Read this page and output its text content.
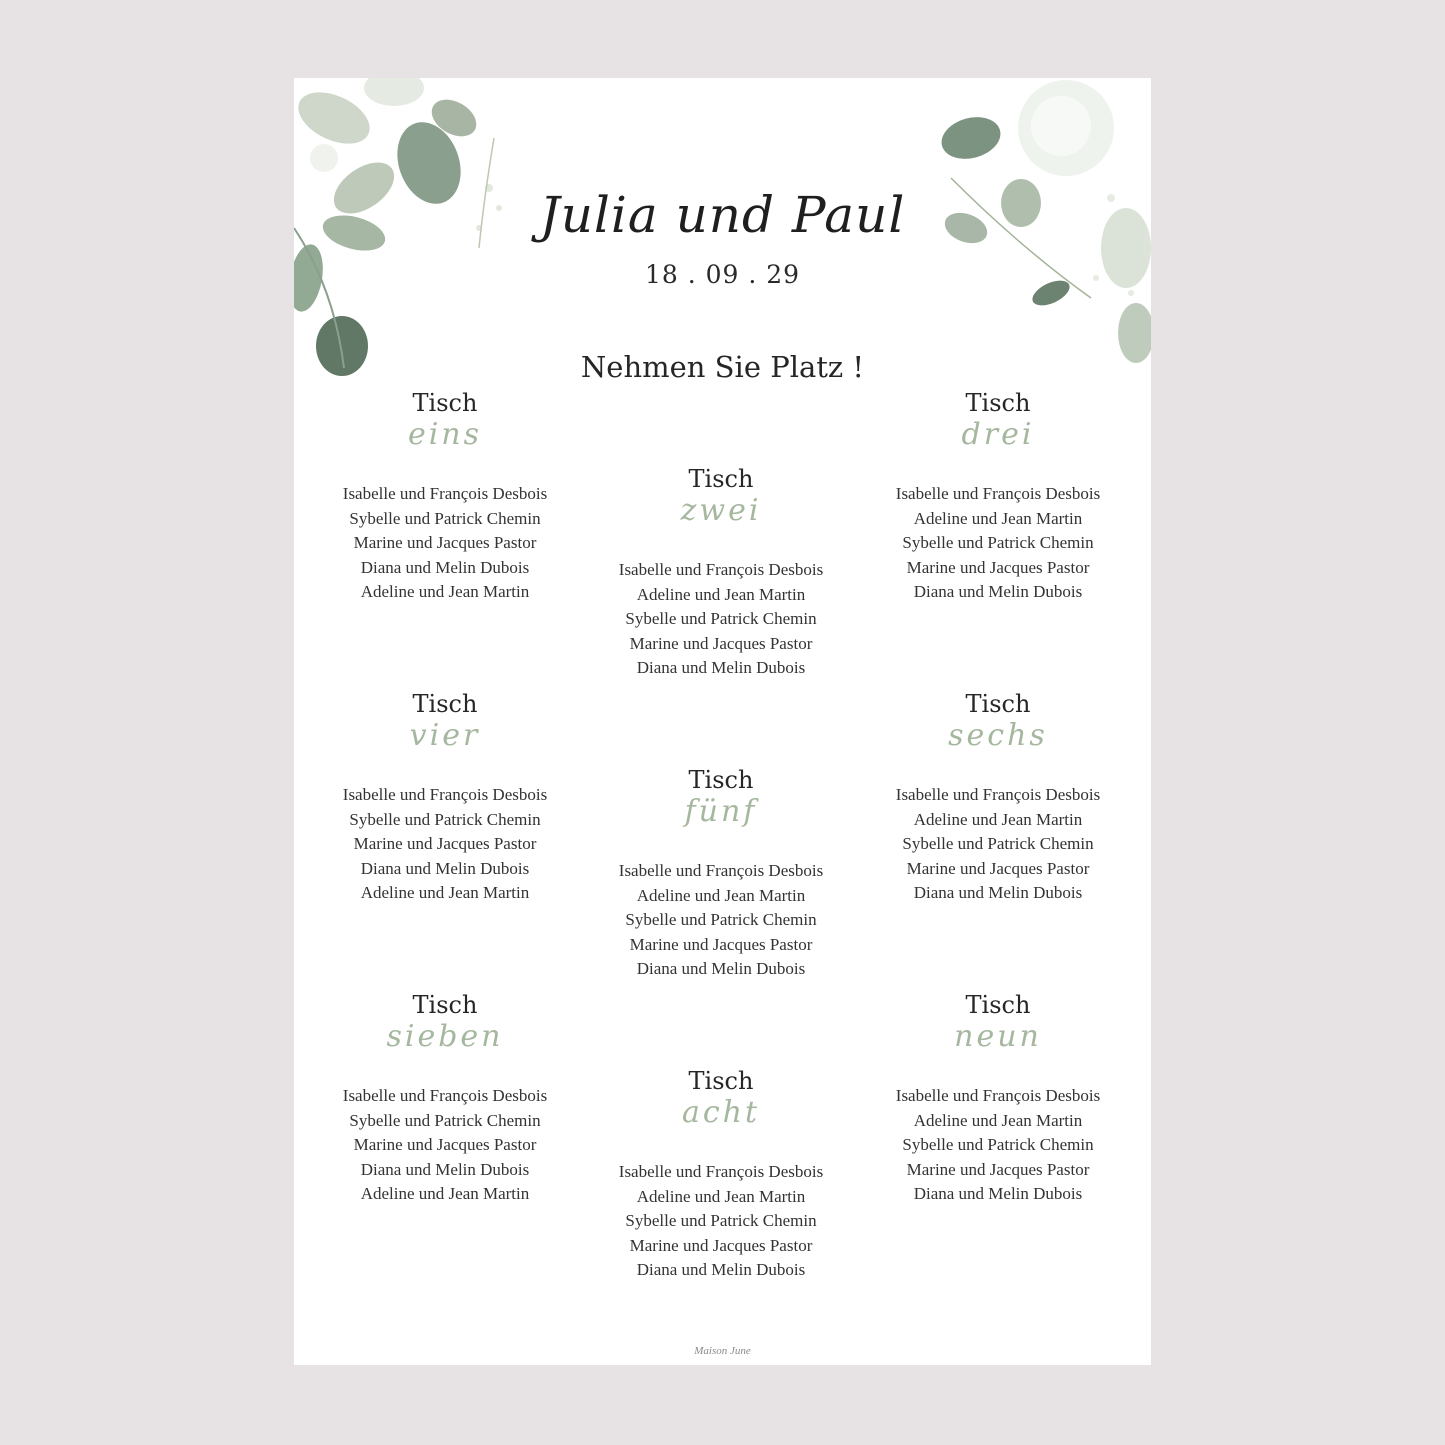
Julia und Paul
18 . 09 . 29
Nehmen Sie Platz !
Tisch
eins
Isabelle und François Desbois
Sybelle und Patrick Chemin
Marine und Jacques Pastor
Diana und Melin Dubois
Adeline und Jean Martin
Tisch
zwei
Isabelle und François Desbois
Adeline und Jean Martin
Sybelle und Patrick Chemin
Marine und Jacques Pastor
Diana und Melin Dubois
Tisch
drei
Isabelle und François Desbois
Adeline und Jean Martin
Sybelle und Patrick Chemin
Marine und Jacques Pastor
Diana und Melin Dubois
Tisch
vier
Isabelle und François Desbois
Sybelle und Patrick Chemin
Marine und Jacques Pastor
Diana und Melin Dubois
Adeline und Jean Martin
Tisch
fünf
Isabelle und François Desbois
Adeline und Jean Martin
Sybelle und Patrick Chemin
Marine und Jacques Pastor
Diana und Melin Dubois
Tisch
sechs
Isabelle und François Desbois
Adeline und Jean Martin
Sybelle und Patrick Chemin
Marine und Jacques Pastor
Diana und Melin Dubois
Tisch
sieben
Isabelle und François Desbois
Sybelle und Patrick Chemin
Marine und Jacques Pastor
Diana und Melin Dubois
Adeline und Jean Martin
Tisch
acht
Isabelle und François Desbois
Adeline und Jean Martin
Sybelle und Patrick Chemin
Marine und Jacques Pastor
Diana und Melin Dubois
Tisch
neun
Isabelle und François Desbois
Adeline und Jean Martin
Sybelle und Patrick Chemin
Marine und Jacques Pastor
Diana und Melin Dubois
Maison June
